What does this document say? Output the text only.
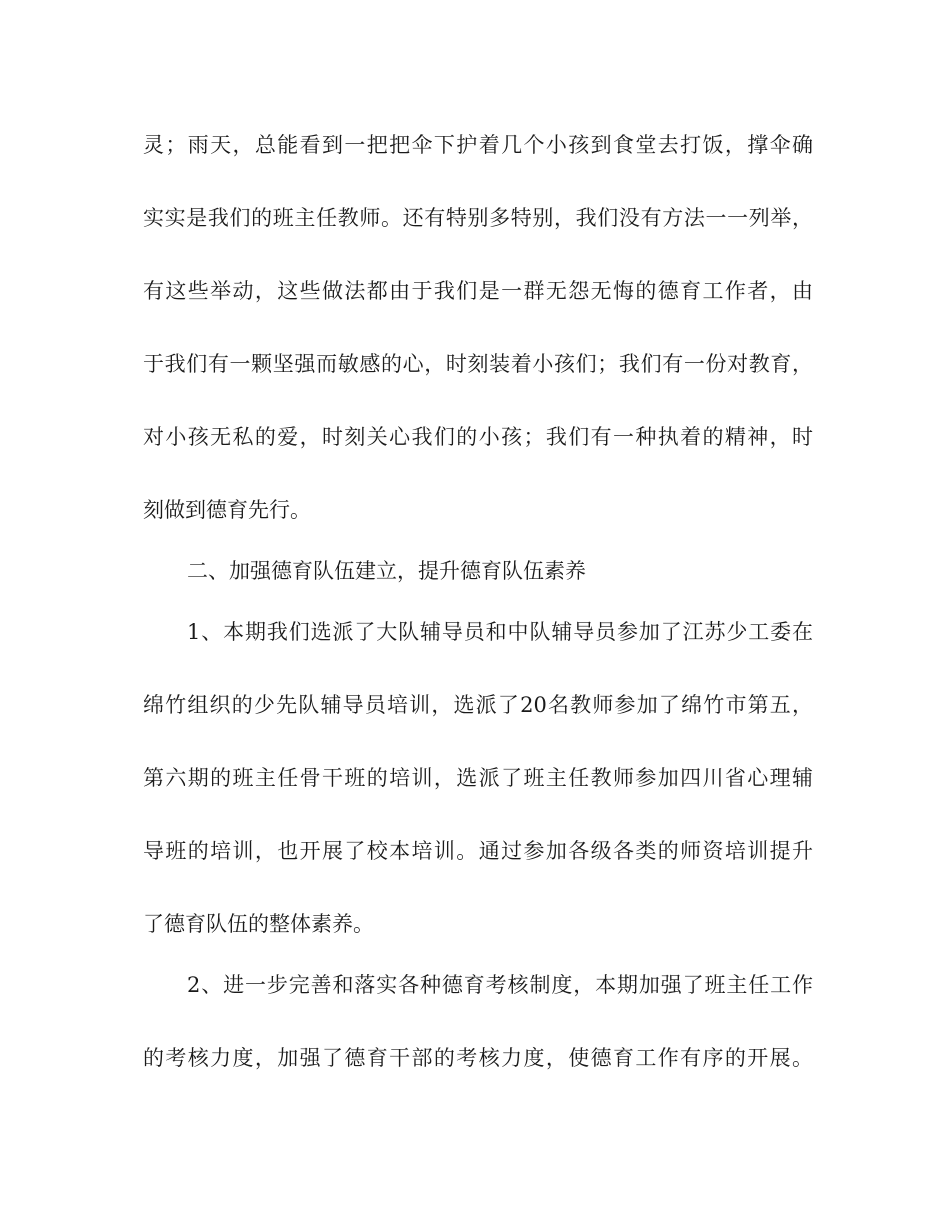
灵；雨天，总能看到一把把伞下护着几个小孩到食堂去打饭，撑伞确
实实是我们的班主任教师。还有特别多特别，我们没有方法一一列举，
有这些举动，这些做法都由于我们是一群无怨无悔的德育工作者，由
于我们有一颗坚强而敏感的心，时刻装着小孩们；我们有一份对教育，
对小孩无私的爱，时刻关心我们的小孩；我们有一种执着的精神，时
刻做到德育先行。
二、加强德育队伍建立，提升德育队伍素养
1、本期我们选派了大队辅导员和中队辅导员参加了江苏少工委在
绵竹组织的少先队辅导员培训，选派了20名教师参加了绵竹市第五，
第六期的班主任骨干班的培训，选派了班主任教师参加四川省心理辅
导班的培训，也开展了校本培训。通过参加各级各类的师资培训提升
了德育队伍的整体素养。
2、进一步完善和落实各种德育考核制度，本期加强了班主任工作
的考核力度，加强了德育干部的考核力度，使德育工作有序的开展。
